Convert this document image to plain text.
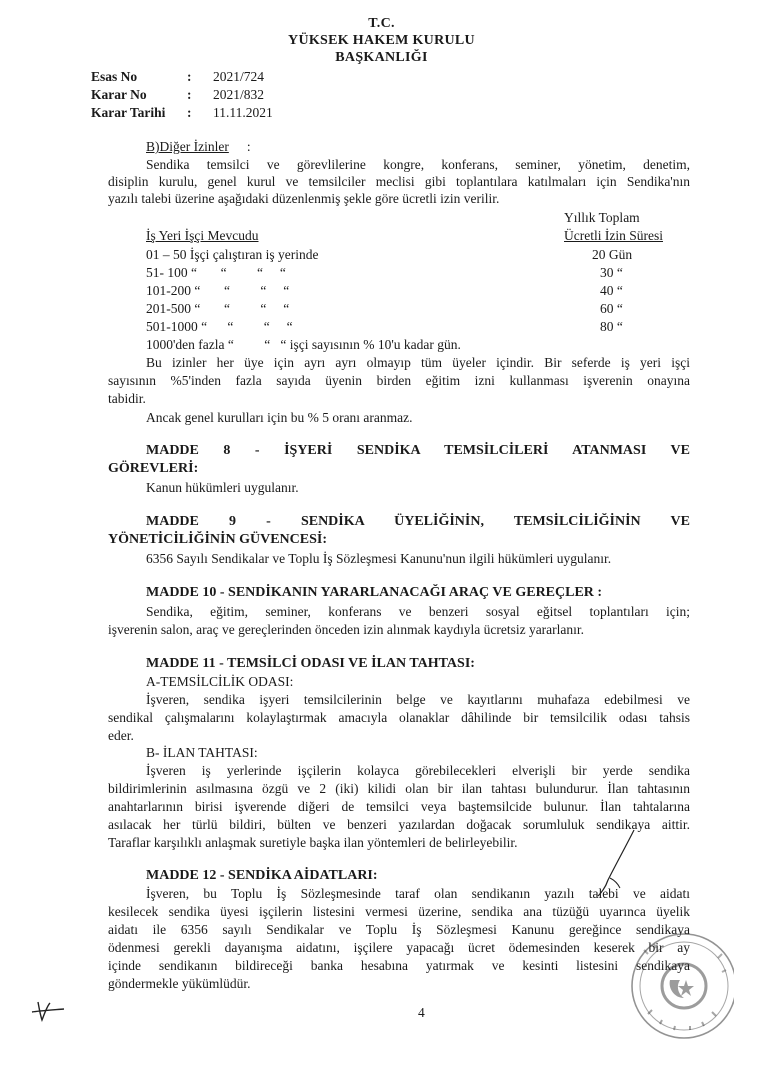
T.C.
YÜKSEK HAKEM KURULU
BAŞKANLIĞI
Esas No	:	2021/724
Karar No	:	2021/832
Karar Tarihi	:	11.11.2021
B)Diğer İzinler :
Sendika temsilci ve görevlilerine kongre, konferans, seminer, yönetim, denetim,
disiplin kurulu, genel kurul ve temsilciler meclisi gibi toplantılara katılmaları için Sendika'nın
yazılı talebi üzerine aşağıdaki düzenlenmiş şekle göre ücretli izin verilir.
Yıllık Toplam
İş Yeri İşçi Mevcudu	Ücretli İzin Süresi
01 – 50 İşçi çalıştıran iş yerinde	20 Gün
51- 100 “       “         “     “	30 “
101-200 “       “         “     “	40 “
201-500 “       “         “     “	60 “
501-1000 “      “         “     “	80 “
1000'den fazla “         “   “ işçi sayısının % 10'u kadar gün.
Bu izinler her üye için ayrı ayrı olmayıp tüm üyeler içindir. Bir seferde iş yeri işçi
sayısının %5'inden fazla sayıda üyenin birden eğitim izni kullanması işverenin onayına
tabidir.
Ancak genel kurulları için bu % 5 oranı aranmaz.
MADDE 8 - İŞYERİ SENDİKA TEMSİLCİLERİ ATANMASI VE
GÖREVLERİ:
Kanun hükümleri uygulanır.
MADDE 9 - SENDİKA ÜYELİĞİNİN, TEMSİLCİLİĞİNİN VE
YÖNETİCİLİĞİNİN GÜVENCESİ:
6356 Sayılı Sendikalar ve Toplu İş Sözleşmesi Kanunu'nun ilgili hükümleri uygulanır.
MADDE 10 - SENDİKANIN YARARLANACAĞI ARAÇ VE GEREÇLER :
Sendika, eğitim, seminer, konferans ve benzeri sosyal eğitsel toplantıları için;
işverenin salon, araç ve gereçlerinden önceden izin alınmak kaydıyla ücretsiz yararlanır.
MADDE 11 - TEMSİLCİ ODASI VE İLAN TAHTASI:
A-TEMSİLCİLİK ODASI:
İşveren, sendika işyeri temsilcilerinin belge ve kayıtlarını muhafaza edebilmesi ve
sendikal çalışmalarını kolaylaştırmak amacıyla olanaklar dâhilinde bir temsilcilik odası tahsis
eder.
B- İLAN TAHTASI:
İşveren iş yerlerinde işçilerin kolayca görebilecekleri elverişli bir yerde sendika
bildirimlerinin asılmasına özgü ve 2 (iki) kilidi olan bir ilan tahtası bulundurur. İlan tahtasının
anahtarlarının birisi işverende diğeri de temsilci veya baştemsilcide bulunur. İlan tahtalarına
asılacak her türlü bildiri, bülten ve benzeri yazılardan doğacak sorumluluk sendikaya aittir.
Taraflar karşılıklı anlaşmak suretiyle başka ilan yöntemleri de belirleyebilir.
MADDE 12 - SENDİKA AİDATLARI:
İşveren, bu Toplu İş Sözleşmesinde taraf olan sendikanın yazılı talebi ve aidatı
kesilecek sendika üyesi işçilerin listesini vermesi üzerine, sendika ana tüzüğü uyarınca üyelik
aidatı ile 6356 sayılı Sendikalar ve Toplu İş Sözleşmesi Kanunu gereğince sendikaya
ödenmesi gerekli dayanışma aidatını, işçilere yapacağı ücret ödemesinden keserek bir ay
içinde sendikanın bildireceği banka hesabına yatırmak ve kesinti listesini sendikaya
göndermekle yükümlüdür.
4
